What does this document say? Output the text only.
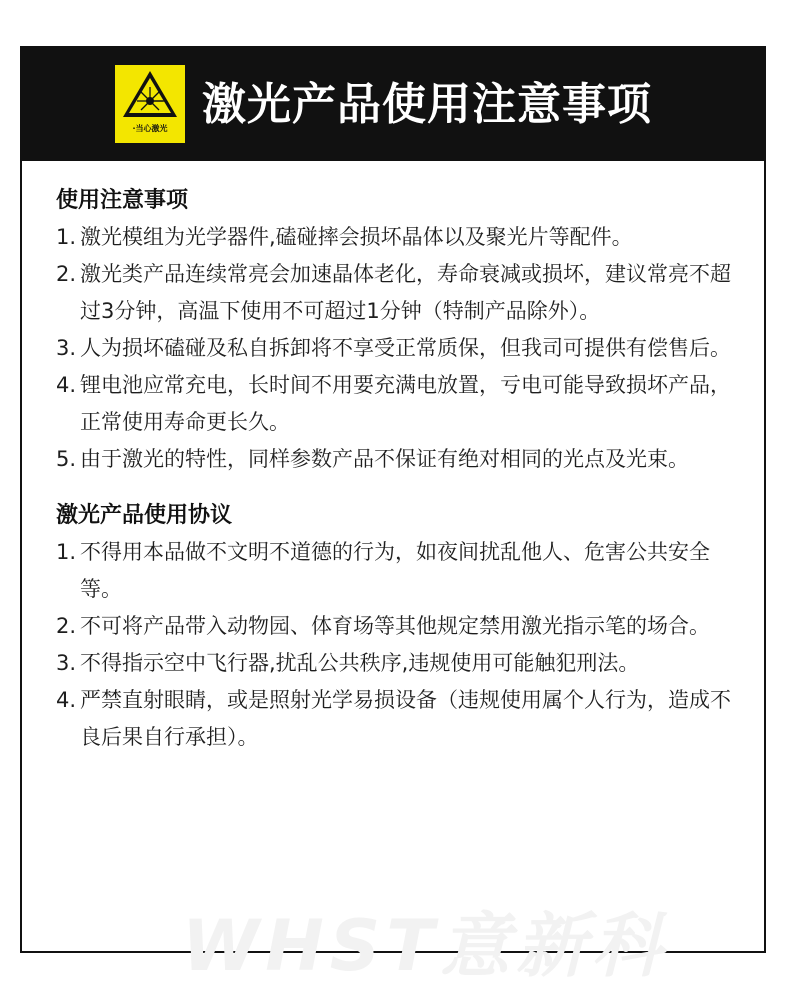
·当心激光 激光产品使用注意事项
WHST意新科
使用注意事项
1. 激光模组为光学器件,磕碰摔会损坏晶体以及聚光片等配件。
2. 激光类产品连续常亮会加速晶体老化，寿命衰减或损坏，建议常亮不超过3分钟，高温下使用不可超过1分钟（特制产品除外）。
3. 人为损坏磕碰及私自拆卸将不享受正常质保，但我司可提供有偿售后。
4. 锂电池应常充电，长时间不用要充满电放置，亏电可能导致损坏产品，正常使用寿命更长久。
5. 由于激光的特性，同样参数产品不保证有绝对相同的光点及光束。
激光产品使用协议
1. 不得用本品做不文明不道德的行为，如夜间扰乱他人、危害公共安全等。
2. 不可将产品带入动物园、体育场等其他规定禁用激光指示笔的场合。
3. 不得指示空中飞行器,扰乱公共秩序,违规使用可能触犯刑法。
4. 严禁直射眼睛，或是照射光学易损设备（违规使用属个人行为，造成不良后果自行承担）。
